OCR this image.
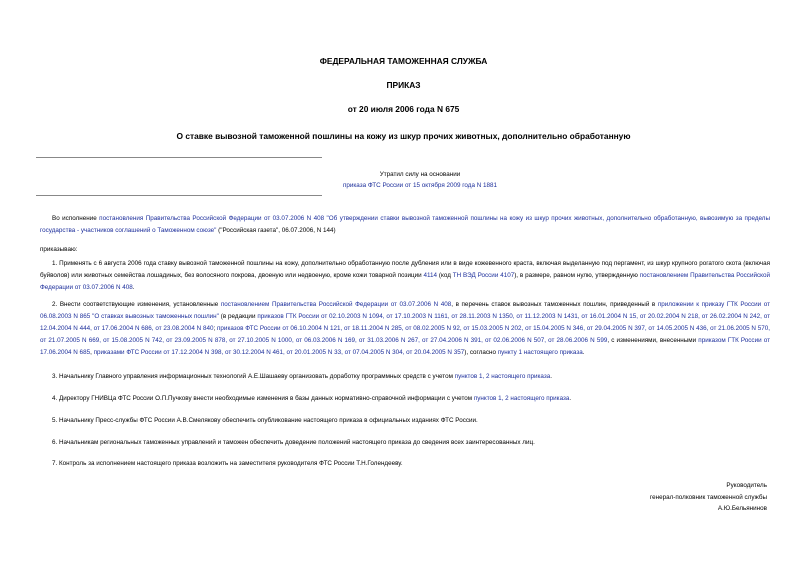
ФЕДЕРАЛЬНАЯ ТАМОЖЕННАЯ СЛУЖБА
ПРИКАЗ
от 20 июля 2006 года N 675
О ставке вывозной таможенной пошлины на кожу из шкур прочих животных, дополнительно обработанную
Утратил силу на основании
приказа ФТС России от 15 октября 2009 года N 1881
Во исполнение постановления Правительства Российской Федерации от 03.07.2006 N 408 "Об утверждении ставки вывозной таможенной пошлины на кожу из шкур прочих животных, дополнительно обработанную, вывозимую за пределы государства - участников соглашений о Таможенном союзе" ("Российская газета", 06.07.2006, N 144)
приказываю:
1. Применять с 6 августа 2006 года ставку вывозной таможенной пошлины на кожу, дополнительно обработанную после дубления или в виде кожевенного краста, включая выделанную под пергамент, из шкур крупного рогатого скота (включая буйволов) или животных семейства лошадиных, без волосяного покрова, двоеную или недвоеную, кроме кожи товарной позиции 4114 (код ТН ВЭД России 4107), в размере, равном нулю, утвержденную постановлением Правительства Российской Федерации от 03.07.2006 N 408.
2. Внести соответствующие изменения, установленные постановлением Правительства Российской Федерации от 03.07.2006 N 408, в перечень ставок вывозных таможенных пошлин, приведенный в приложении к приказу ГТК России от 06.08.2003 N 865 "О ставках вывозных таможенных пошлин" (в редакции приказов ГТК России от 02.10.2003 N 1094, от 17.10.2003 N 1161, от 28.11.2003 N 1350, от 11.12.2003 N 1431, от 16.01.2004 N 15, от 20.02.2004 N 218, от 26.02.2004 N 242, от 12.04.2004 N 444, от 17.06.2004 N 686, от 23.08.2004 N 840; приказов ФТС России от 06.10.2004 N 121, от 18.11.2004 N 285, от 08.02.2005 N 92, от 15.03.2005 N 202, от 15.04.2005 N 346, от 29.04.2005 N 397, от 14.05.2005 N 436, от 21.06.2005 N 570, от 21.07.2005 N 669, от 15.08.2005 N 742, от 23.09.2005 N 878, от 27.10.2005 N 1000, от 06.03.2006 N 169, от 31.03.2006 N 267, от 27.04.2006 N 391, от 02.06.2006 N 507, от 28.06.2006 N 599, с изменениями, внесенными приказом ГТК России от 17.06.2004 N 685, приказами ФТС России от 17.12.2004 N 398, от 30.12.2004 N 461, от 20.01.2005 N 33, от 07.04.2005 N 304, от 20.04.2005 N 357), согласно пункту 1 настоящего приказа.
3. Начальнику Главного управления информационных технологий А.Е.Шашаеву организовать доработку программных средств с учетом пунктов 1, 2 настоящего приказа.
4. Директору ГНИВЦа ФТС России О.П.Пучкову внести необходимые изменения в базы данных нормативно-справочной информации с учетом пунктов 1, 2 настоящего приказа.
5. Начальнику Пресс-службы ФТС России А.В.Смеляковy обеспечить опубликование настоящего приказа в официальных изданиях ФТС России.
6. Начальникам региональных таможенных управлений и таможен обеспечить доведение положений настоящего приказа до сведения всех заинтересованных лиц.
7. Контроль за исполнением настоящего приказа возложить на заместителя руководителя ФТС России Т.Н.Голендееву.
Руководитель
генерал-полковник таможенной службы
А.Ю.Бельянинов
